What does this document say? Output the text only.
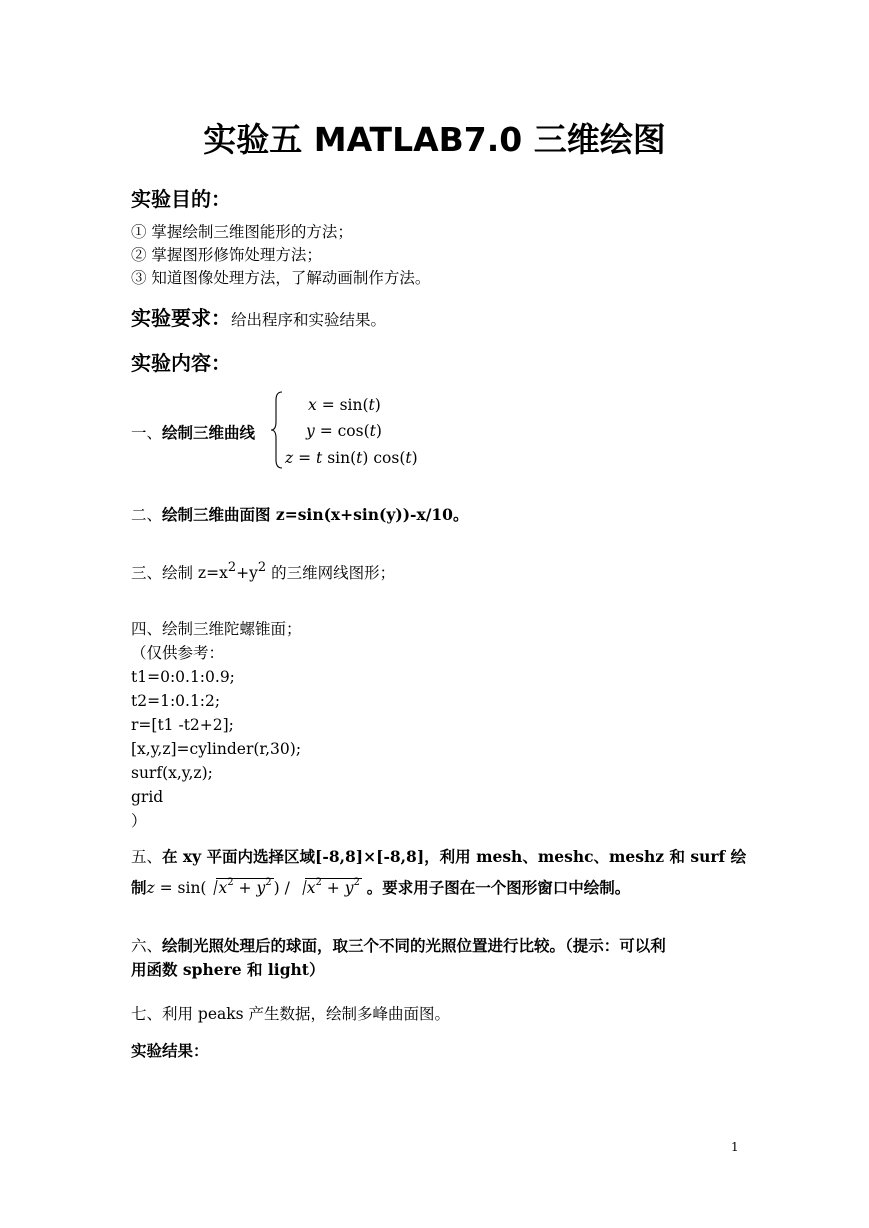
实验五 MATLAB7.0 三维绘图
实验目的：
① 掌握绘制三维图能形的方法；
② 掌握图形修饰处理方法；
③ 知道图像处理方法，了解动画制作方法。
实验要求：给出程序和实验结果。
实验内容：
一、绘制三维曲线
x = sin(t)
y = cos(t)
z = t sin(t) cos(t)
二、绘制三维曲面图 z=sin(x+sin(y))-x/10。
三、绘制 $z=x^2+y^2$ 的三维网线图形；
四、绘制三维陀螺锥面；
（仅供参考：
t1=0:0.1:0.9;
t2=1:0.1:2;
r=[t1 -t2+2];
[x,y,z]=cylinder(r,30);
surf(x,y,z);
grid
）
五、在 xy 平面内选择区域[-8,8]×[-8,8]，利用 mesh、meshc、meshz 和 surf 绘
制z = sin( $x^2 + y^2$ ) / $x^2 + y^2$ 。要求用子图在一个图形窗口中绘制。
六、绘制光照处理后的球面，取三个不同的光照位置进行比较。（提示：可以利
用函数 sphere 和 light）
七、利用 peaks 产生数据，绘制多峰曲面图。
实验结果：
1
